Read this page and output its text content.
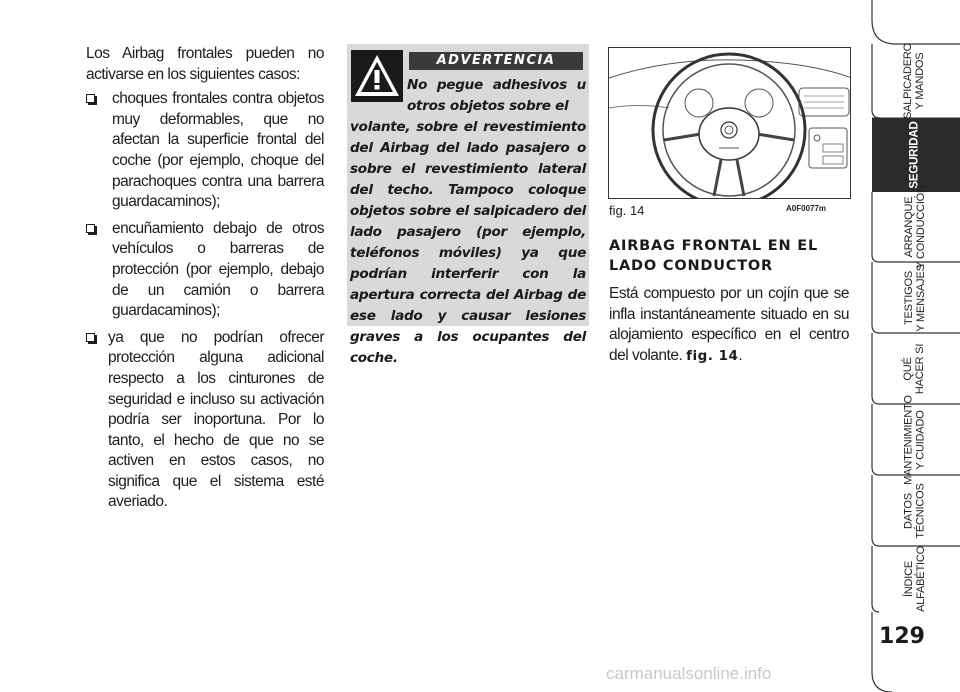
Los Airbag frontales pueden no activarse en los siguientes casos:

choques frontales contra objetos muy deformables, que no afectan la superficie frontal del coche (por ejemplo, choque del parachoques contra una barrera guardacaminos);
encuñamiento debajo de otros vehículos o barreras de protección (por ejemplo, debajo de un camión o barrera guardacaminos);
ya que no podrían ofrecer protección alguna adicional respecto a los cinturones de seguridad e incluso su activación podría ser inoportuna. Por lo tanto, el hecho de que no se activen en estos casos, no significa que el sistema esté averiado.
ADVERTENCIA
No pegue adhesivos u otros objetos sobre el
volante, sobre el revestimiento del Airbag del lado pasajero o sobre el revestimiento lateral del techo. Tampoco coloque objetos sobre el salpicadero del lado pasajero (por ejemplo, teléfonos móviles) ya que podrían interferir con la apertura correcta del Airbag de ese lado y causar lesiones graves a los ocupantes del coche.
fig. 14	A0F0077m
AIRBAG FRONTAL EN EL LADO CONDUCTOR
Está compuesto por un cojín que se infla instantáneamente situado en su alojamiento específico en el centro del volante. fig. 14.
SALPICADERO
Y MANDOS
SEGURIDAD
ARRANQUE
Y CONDUCCIÓN
TESTIGOS
Y MENSAJES
QUÉ
HACER SI
MANTENIMIENTO
Y CUIDADO
DATOS
TÉCNICOS
ÍNDICE
ALFABÉTICO
129
carmanualsonline.info
